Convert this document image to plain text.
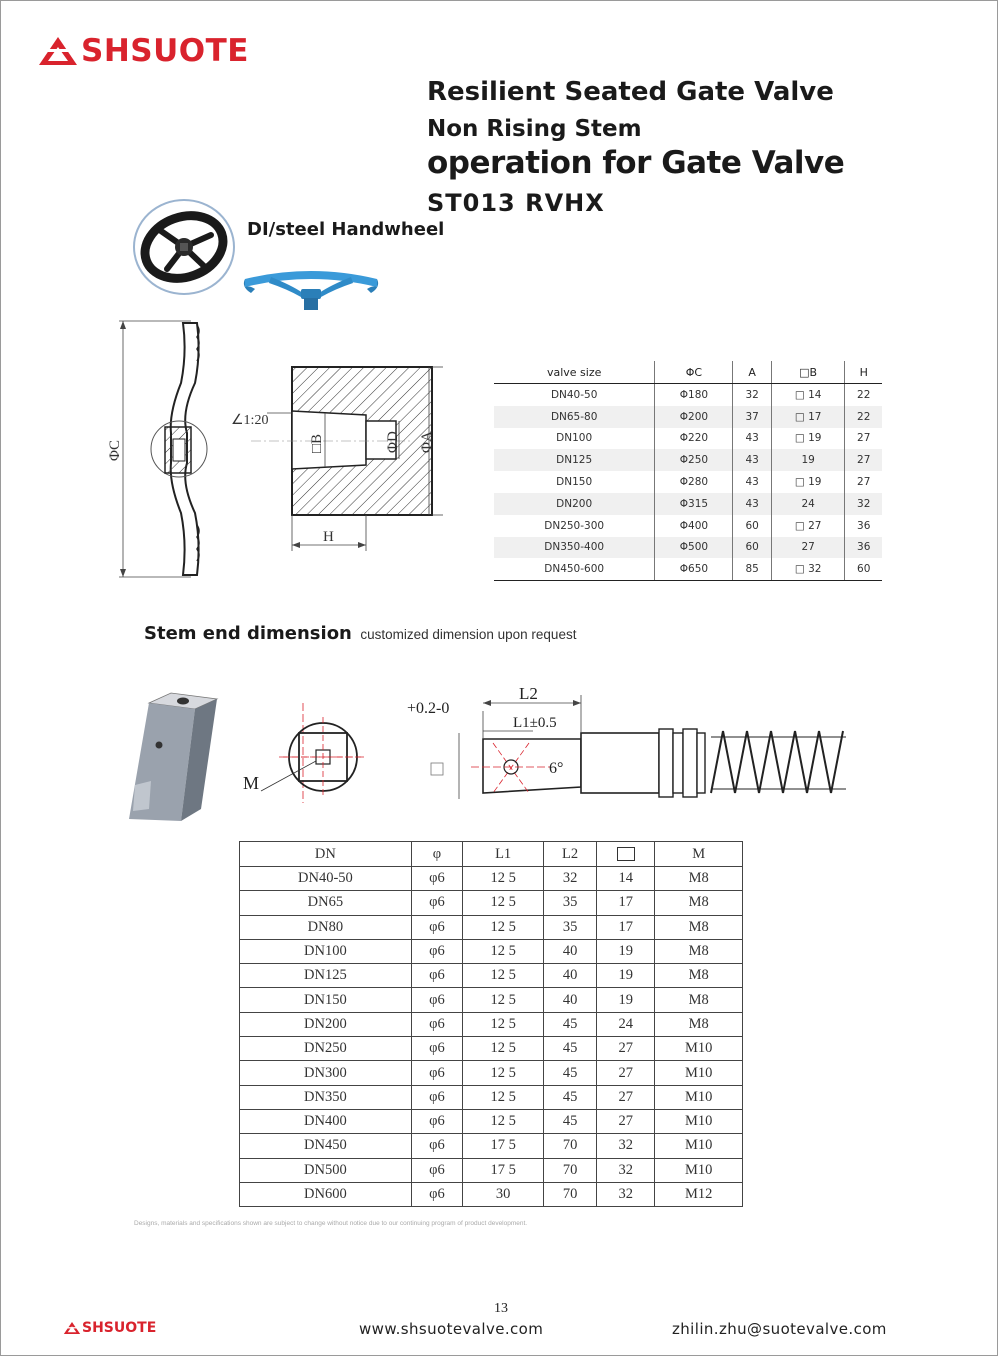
SHSUOTE
Resilient Seated Gate Valve
Non Rising Stem
operation for Gate Valve
ST013 RVHX
DI/steel Handwheel
ΦC	ΦA
ΦD
□B
∠1:20
H
valve size	ΦC	A	□B	H
DN40-50	Φ180	32	□ 14	22
DN65-80	Φ200	37	□ 17	22
DN100	Φ220	43	□ 19	27
DN125	Φ250	43	19	27
DN150	Φ280	43	□ 19	27
DN200	Φ315	43	24	32
DN250-300	Φ400	60	□ 27	36
DN350-400	Φ500	60	27	36
DN450-600	Φ650	85	□ 32	60
Stem end dimension customized dimension upon request
M
L2
L1±0.5
+0.2-0
6°
DN	φ	L1	L2		M
DN40-50	φ6	12 5	32	14	M8
DN65	φ6	12 5	35	17	M8
DN80	φ6	12 5	35	17	M8
DN100	φ6	12 5	40	19	M8
DN125	φ6	12 5	40	19	M8
DN150	φ6	12 5	40	19	M8
DN200	φ6	12 5	45	24	M8
DN250	φ6	12 5	45	27	M10
DN300	φ6	12 5	45	27	M10
DN350	φ6	12 5	45	27	M10
DN400	φ6	12 5	45	27	M10
DN450	φ6	17 5	70	32	M10
DN500	φ6	17 5	70	32	M10
DN600	φ6	30	70	32	M12
Designs, materials and specifications shown are subject to change without notice due to our continuing program of product development.
13
SHSUOTE	www.shsuotevalve.com	zhilin.zhu@suotevalve.com
